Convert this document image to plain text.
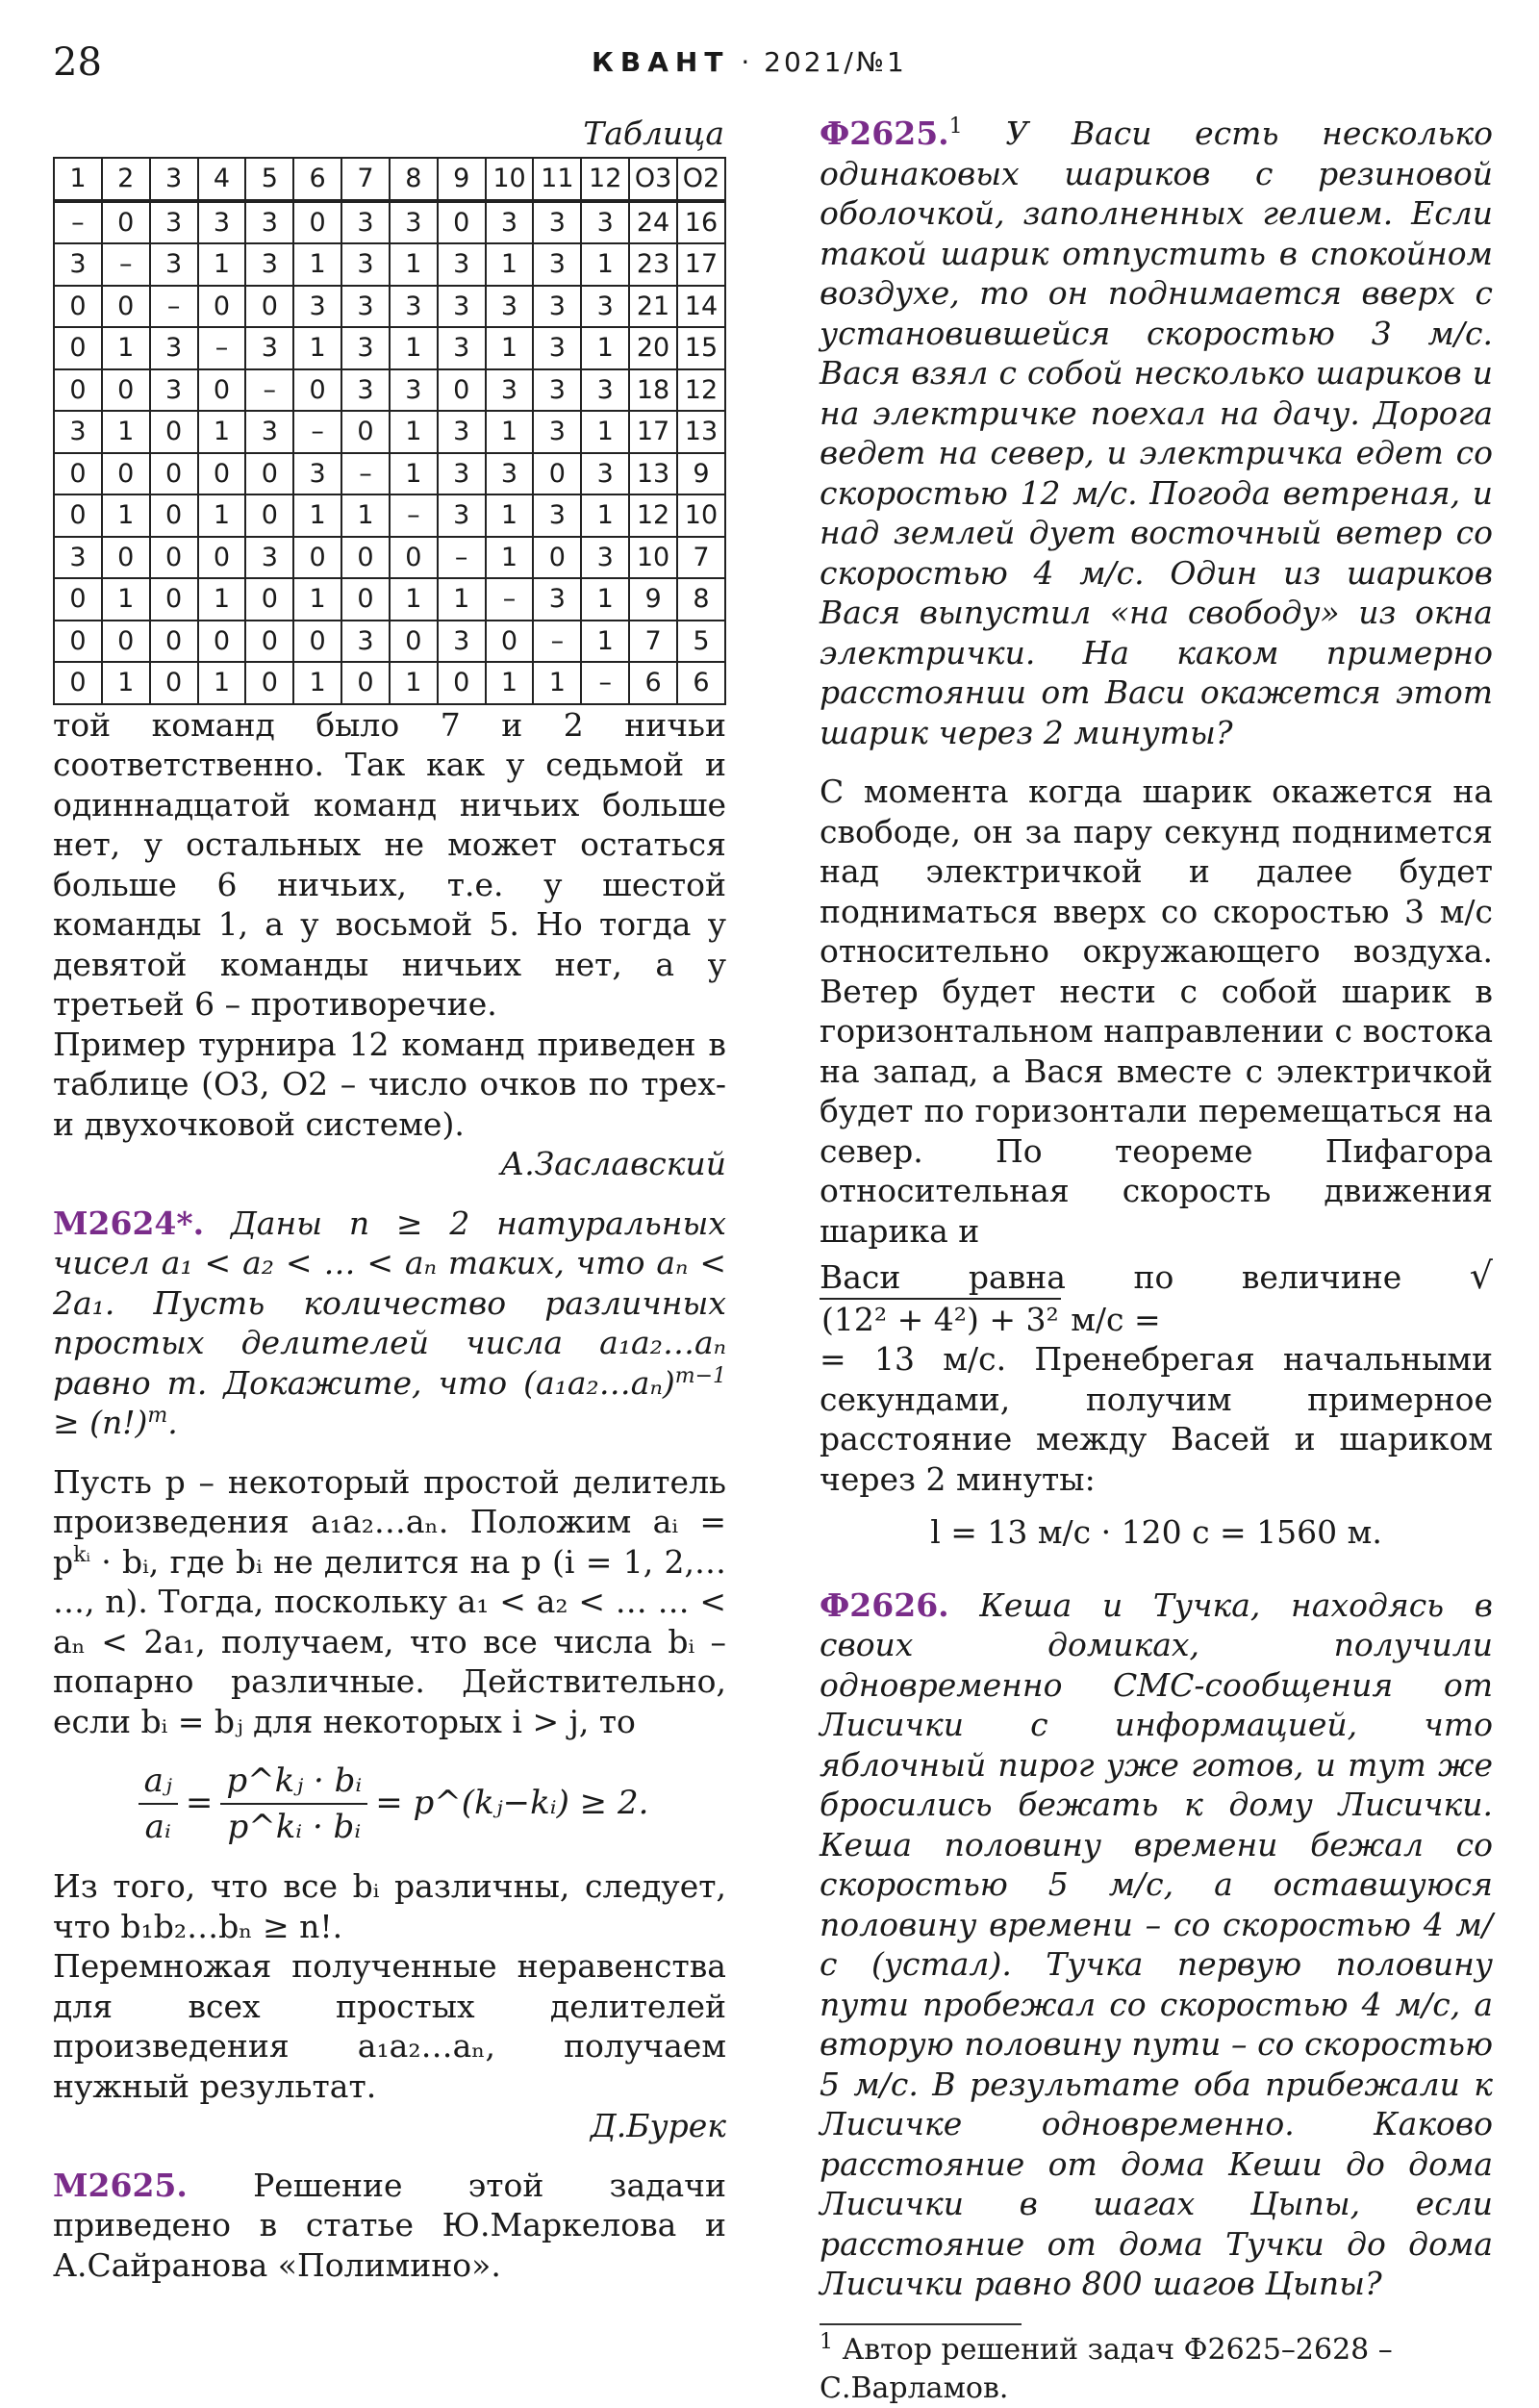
28	КВАНТ · 2021/№1
Таблица
1	2	3	4	5	6	7	8	9	10	11	12	О3	О2
–	0	3	3	3	0	3	3	0	3	3	3	24	16
3	–	3	1	3	1	3	1	3	1	3	1	23	17
0	0	–	0	0	3	3	3	3	3	3	3	21	14
0	1	3	–	3	1	3	1	3	1	3	1	20	15
0	0	3	0	–	0	3	3	0	3	3	3	18	12
3	1	0	1	3	–	0	1	3	1	3	1	17	13
0	0	0	0	0	3	–	1	3	3	0	3	13	9
0	1	0	1	0	1	1	–	3	1	3	1	12	10
3	0	0	0	3	0	0	0	–	1	0	3	10	7
0	1	0	1	0	1	0	1	1	–	3	1	9	8
0	0	0	0	0	0	3	0	3	0	–	1	7	5
0	1	0	1	0	1	0	1	0	1	1	–	6	6

той команд было 7 и 2 ничьи соответственно. Так как у седьмой и одиннадцатой команд ничьих больше нет, у остальных не может остаться больше 6 ничьих, т.е. у шестой команды 1, а у восьмой 5. Но тогда у девятой команды ничьих нет, а у третьей 6 – противоречие.

Пример турнира 12 команд приведен в таблице (О3, О2 – число очков по трех- и двухочковой системе).

А.Заславский

М2624*. Даны n ≥ 2 натуральных чисел a₁ < a₂ < … < aₙ таких, что aₙ < 2a₁. Пусть количество различных простых делителей числа a₁a₂…aₙ равно m. Докажите, что (a₁a₂…aₙ)$^{m-1}$ ≥ $(n!)^m$.

Пусть p – некоторый простой делитель произведения a₁a₂…aₙ. Положим aᵢ = $p^{kᵢ}$ · bᵢ, где bᵢ не делится на p (i = 1, 2,… …, n). Тогда, поскольку a₁ < a₂ < … … < aₙ < 2a₁, получаем, что все числа bᵢ – попарно различные. Действительно, если bᵢ = bⱼ для некоторых i > j, то

$\frac{\text{aⱼ}}{\text{aᵢ}} = \frac{\text{p\textasciicircum{}kⱼ · bᵢ}}{\text{p\textasciicircum{}kᵢ · bᵢ}}$ = p^(kⱼ−kᵢ) ≥ 2.

Из того, что все bᵢ различны, следует, что b₁b₂…bₙ ≥ n!.

Перемножая полученные неравенства для всех простых делителей произведения a₁a₂…aₙ, получаем нужный результат.

Д.Бурек

М2625. Решение этой задачи приведено в статье Ю.Маркелова и А.Сайранова «Полимино».

Ф2625.$^1$ У Васи есть несколько одинаковых шариков с резиновой оболочкой, заполненных гелием. Если такой шарик отпустить в спокойном воздухе, то он поднимается вверх с установившейся скоростью 3 м/с. Вася взял с собой несколько шариков и на электричке поехал на дачу. Дорога ведет на север, и электричка едет со скоростью 12 м/с. Погода ветреная, и над землей дует восточный ветер со скоростью 4 м/с. Один из шариков Вася выпустил «на свободу» из окна электрички. На каком примерно расстоянии от Васи окажется этот шарик через 2 минуты?

С момента когда шарик окажется на свободе, он за пару секунд поднимется над электричкой и далее будет подниматься вверх со скоростью 3 м/с относительно окружающего воздуха. Ветер будет нести с собой шарик в горизонтальном направлении с востока на запад, а Вася вместе с электричкой будет по горизонтали перемещаться на север. По теореме Пифагора относительная скорость движения шарика и

Васи равна по величине √(12² + 4²) + 3² м/с =

= 13 м/с. Пренебрегая начальными секундами, получим примерное расстояние между Васей и шариком через 2 минуты:

l = 13 м/с · 120 с = 1560 м.

Ф2626. Кеша и Тучка, находясь в своих домиках, получили одновременно СМС-сообщения от Лисички с информацией, что яблочный пирог уже готов, и тут же бросились бежать к дому Лисички. Кеша половину времени бежал со скоростью 5 м/с, а оставшуюся половину времени – со скоростью 4 м/с (устал). Тучка первую половину пути пробежал со скоростью 4 м/с, а вторую половину пути – со скоростью 5 м/с. В результате оба прибежали к Лисичке одновременно. Каково расстояние от дома Кеши до дома Лисички в шагах Цыпы, если расстояние от дома Тучки до дома Лисички равно 800 шагов Цыпы?

$^1$ Автор решений задач Ф2625–2628 – С.Варламов.
